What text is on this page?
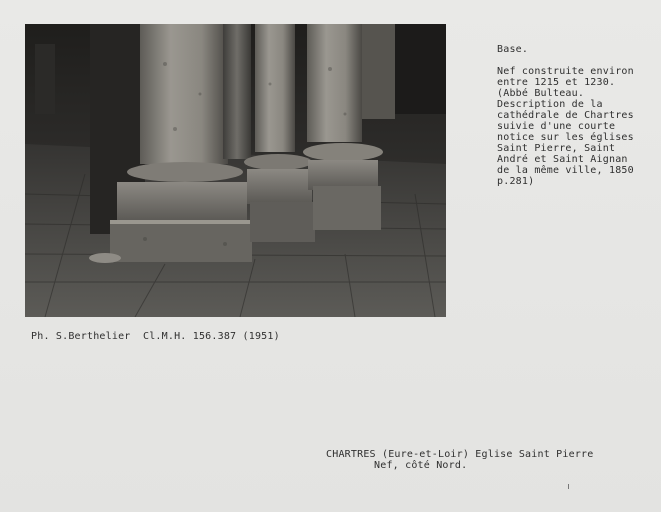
Base.
Nef construite environ
entre 1215 et 1230.
(Abbé Bulteau.
Description de la
cathédrale de Chartres
suivie d'une courte
notice sur les églises
Saint Pierre, Saint
André et Saint Aignan
de la même ville, 1850
p.281)
Ph. S.Berthelier  Cl.M.H. 156.387 (1951)
CHARTRES (Eure-et-Loir) Eglise Saint Pierre
Nef, côté Nord.
